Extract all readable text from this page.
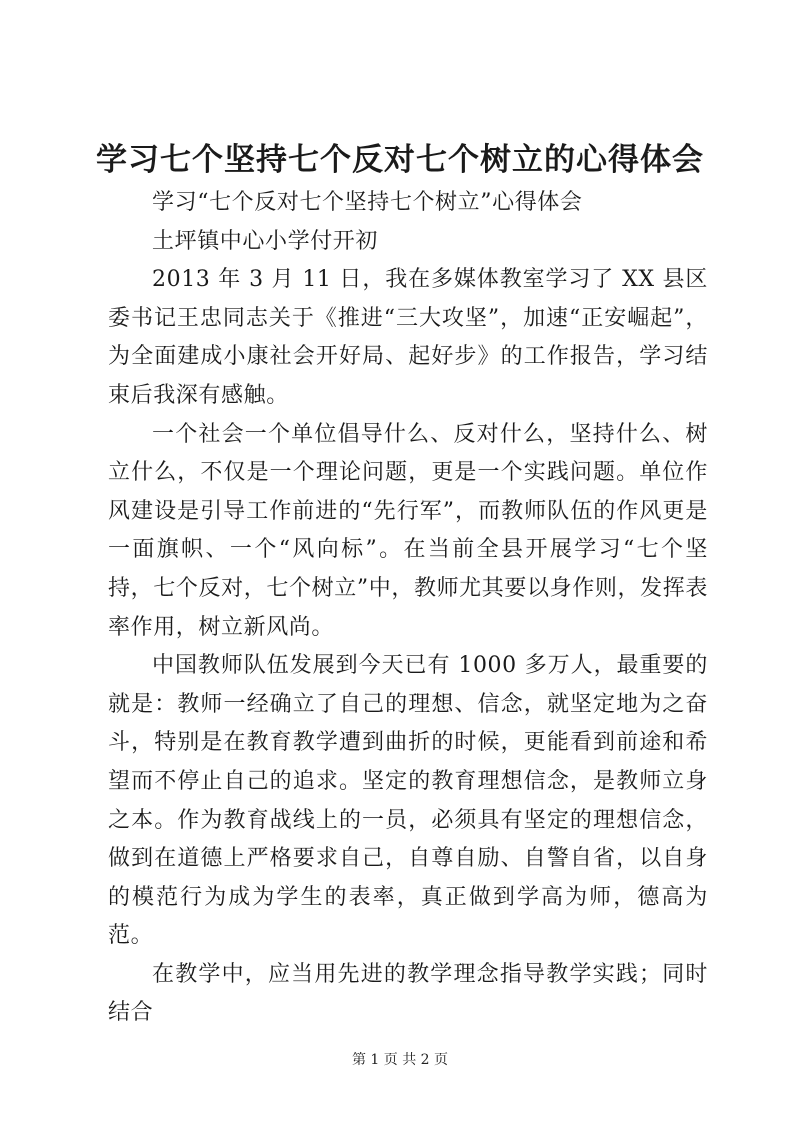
学习七个坚持七个反对七个树立的心得体会

学习“七个反对七个坚持七个树立”心得体会

土坪镇中心小学付开初

2013 年 3 月 11 日，我在多媒体教室学习了 XX 县区委书记王忠同志关于《推进“三大攻坚”，加速“正安崛起”，为全面建成小康社会开好局、起好步》的工作报告，学习结束后我深有感触。

一个社会一个单位倡导什么、反对什么，坚持什么、树立什么，不仅是一个理论问题，更是一个实践问题。单位作风建设是引导工作前进的“先行军”，而教师队伍的作风更是一面旗帜、一个“风向标”。在当前全县开展学习“七个坚持，七个反对，七个树立”中，教师尤其要以身作则，发挥表率作用，树立新风尚。

中国教师队伍发展到今天已有 1000 多万人，最重要的就是：教师一经确立了自己的理想、信念，就坚定地为之奋斗，特别是在教育教学遭到曲折的时候，更能看到前途和希望而不停止自己的追求。坚定的教育理想信念，是教师立身之本。作为教育战线上的一员，必须具有坚定的理想信念，做到在道德上严格要求自己，自尊自励、自警自省，以自身的模范行为成为学生的表率，真正做到学高为师，德高为范。

在教学中，应当用先进的教学理念指导教学实践；同时结合

第 1 页 共 2 页
